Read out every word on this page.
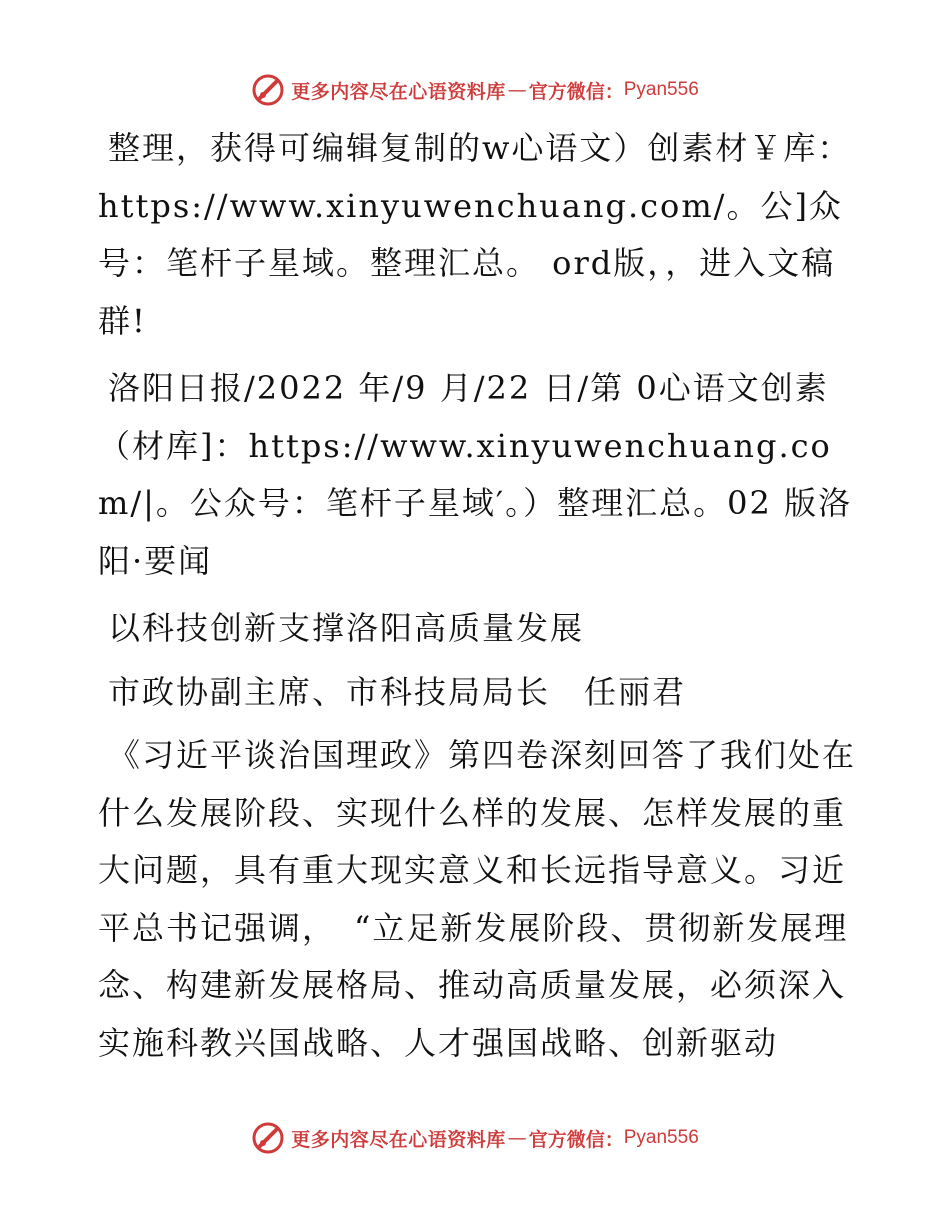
更多内容尽在心语资料库 — 官方微信： Pyan556

整理，获得可编辑复制的w心语文）创素材￥库：https://www.xinyuwenchuang.com/。公]众号：笔杆子星域。整理汇总。 ord版，，进入文稿群!

洛阳日报/2022 年/9 月/22 日/第 0心语文创素（材库]：https://www.xinyuwenchuang.com/|。公众号：笔杆子星域′。）整理汇总。02 版洛阳·要闻

以科技创新支撑洛阳高质量发展

市政协副主席、市科技局局长　任丽君

《习近平谈治国理政》第四卷深刻回答了我们处在什么发展阶段、实现什么样的发展、怎样发展的重大问题，具有重大现实意义和长远指导意义。习近平总书记强调，　“立足新发展阶段、贯彻新发展理念、构建新发展格局、推动高质量发展，必须深入实施科教兴国战略、人才强国战略、创新驱动

更多内容尽在心语资料库 — 官方微信： Pyan556
